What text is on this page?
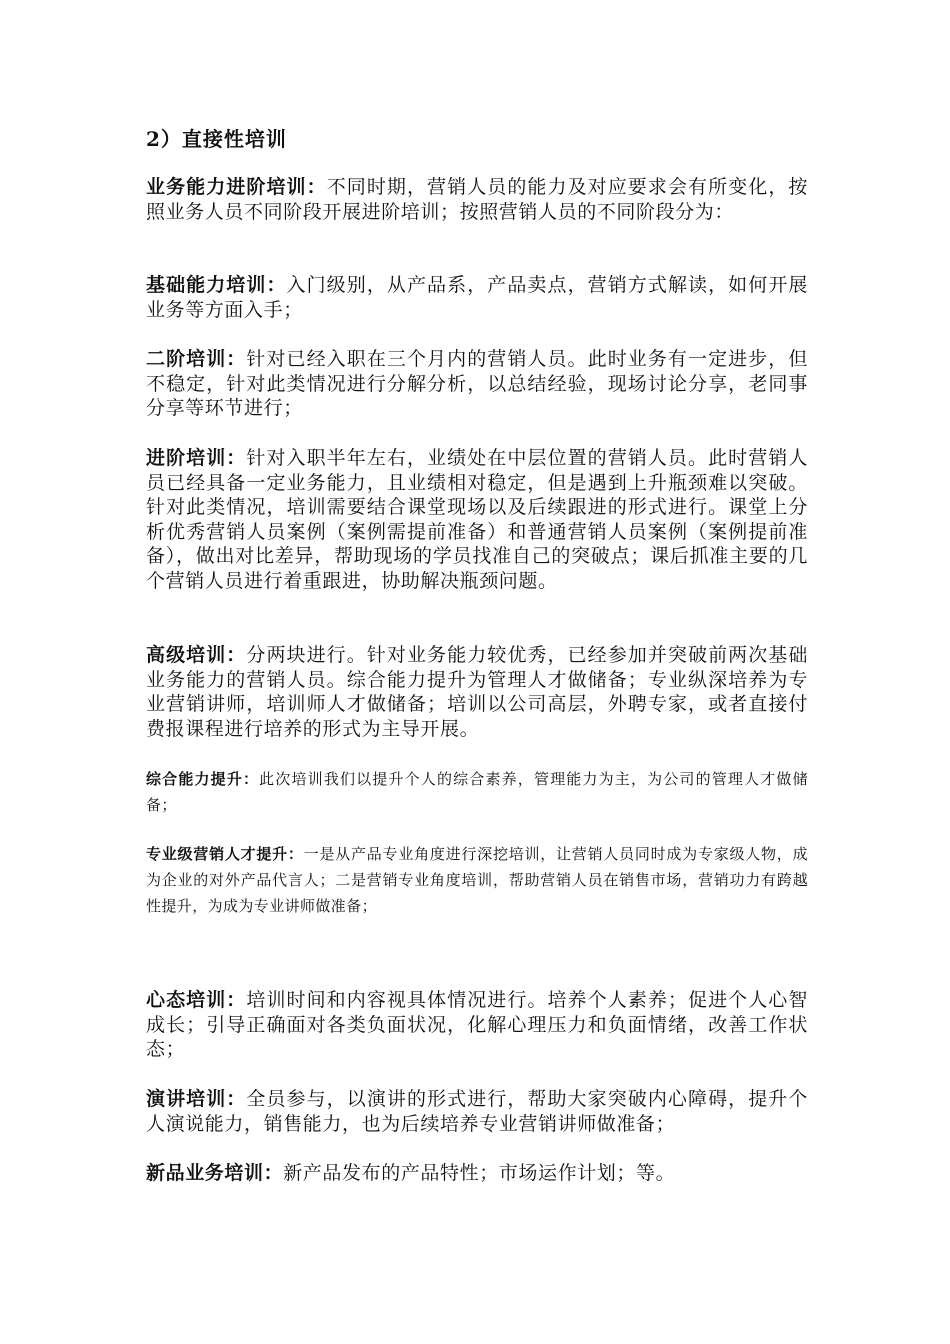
2）直接性培训

业务能力进阶培训：不同时期，营销人员的能力及对应要求会有所变化，按照业务人员不同阶段开展进阶培训；按照营销人员的不同阶段分为：

基础能力培训：入门级别，从产品系，产品卖点，营销方式解读，如何开展业务等方面入手；

二阶培训：针对已经入职在三个月内的营销人员。此时业务有一定进步，但不稳定，针对此类情况进行分解分析，以总结经验，现场讨论分享，老同事分享等环节进行；

进阶培训：针对入职半年左右，业绩处在中层位置的营销人员。此时营销人员已经具备一定业务能力，且业绩相对稳定，但是遇到上升瓶颈难以突破。针对此类情况，培训需要结合课堂现场以及后续跟进的形式进行。课堂上分析优秀营销人员案例（案例需提前准备）和普通营销人员案例（案例提前准备），做出对比差异，帮助现场的学员找准自己的突破点；课后抓准主要的几个营销人员进行着重跟进，协助解决瓶颈问题。

高级培训：分两块进行。针对业务能力较优秀，已经参加并突破前两次基础业务能力的营销人员。综合能力提升为管理人才做储备；专业纵深培养为专业营销讲师，培训师人才做储备；培训以公司高层，外聘专家，或者直接付费报课程进行培养的形式为主导开展。

综合能力提升：此次培训我们以提升个人的综合素养，管理能力为主，为公司的管理人才做储备；

专业级营销人才提升：一是从产品专业角度进行深挖培训，让营销人员同时成为专家级人物，成为企业的对外产品代言人；二是营销专业角度培训，帮助营销人员在销售市场，营销功力有跨越性提升，为成为专业讲师做准备；

心态培训：培训时间和内容视具体情况进行。培养个人素养；促进个人心智成长；引导正确面对各类负面状况，化解心理压力和负面情绪，改善工作状态；

演讲培训：全员参与，以演讲的形式进行，帮助大家突破内心障碍，提升个人演说能力，销售能力，也为后续培养专业营销讲师做准备；

新品业务培训：新产品发布的产品特性；市场运作计划；等。
